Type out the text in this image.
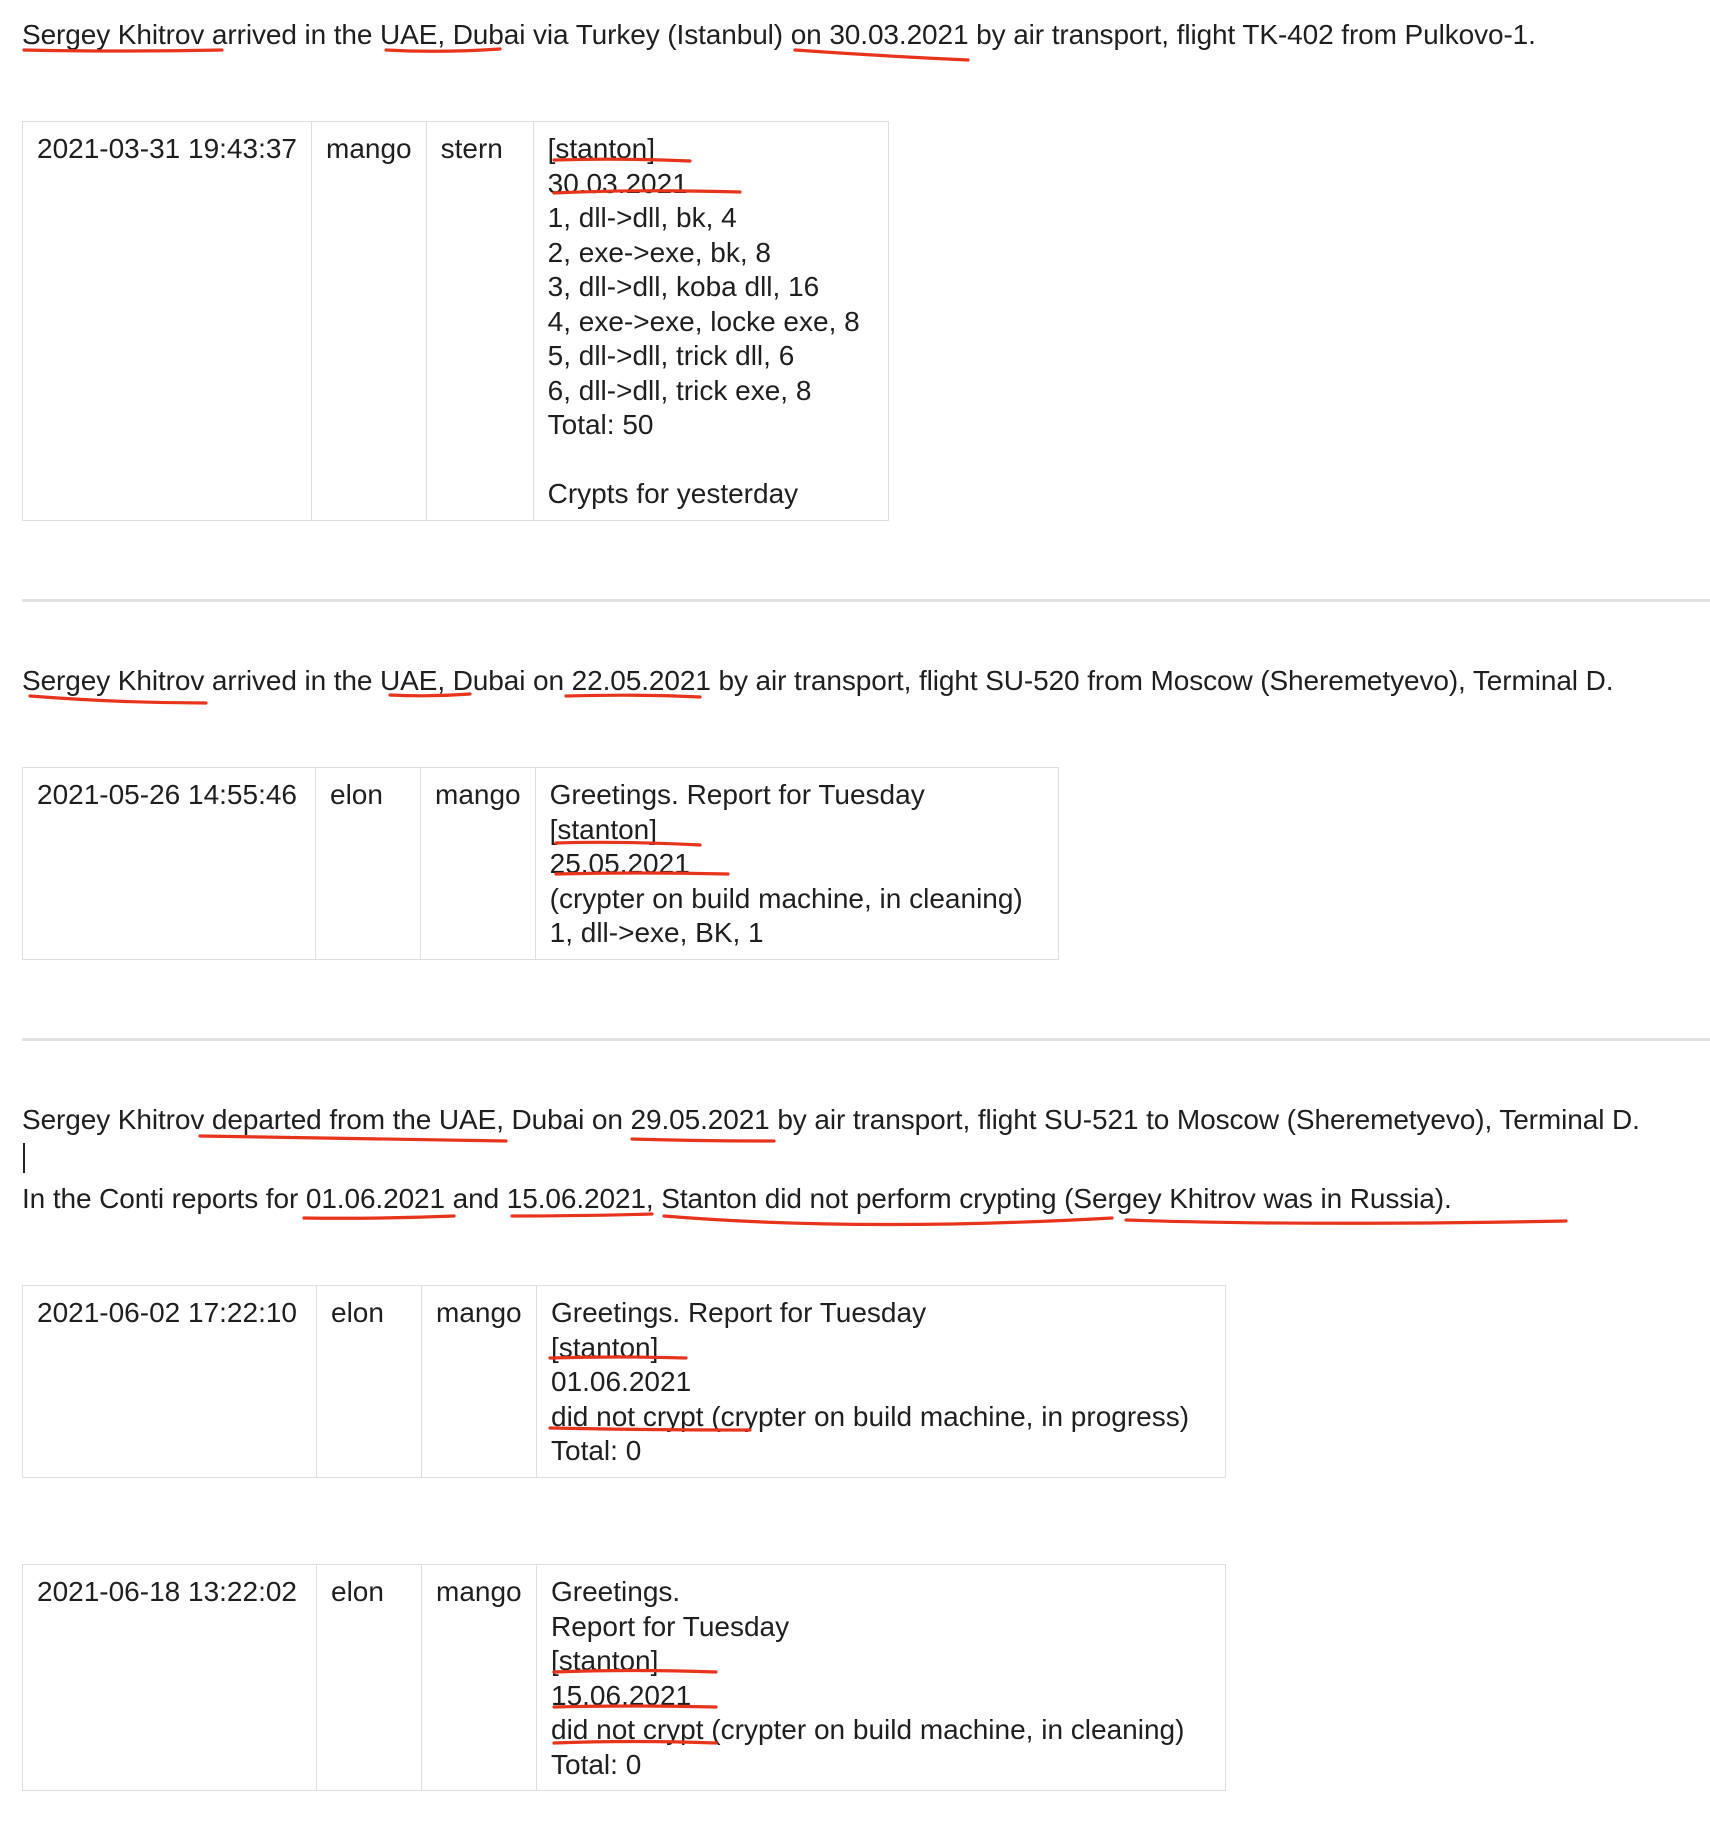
Sergey Khitrov arrived in the UAE, Dubai via Turkey (Istanbul) on 30.03.2021 by air transport, flight TK-402 from Pulkovo-1.
2021-03-31 19:43:37	mango	stern	[stanton]
30.03.2021
1, dll->dll, bk, 4
2, exe->exe, bk, 8
3, dll->dll, koba dll, 16
4, exe->exe, locke exe, 8
5, dll->dll, trick dll, 6
6, dll->dll, trick exe, 8
Total: 50
Crypts for yesterday
Sergey Khitrov arrived in the UAE, Dubai on 22.05.2021 by air transport, flight SU-520 from Moscow (Sheremetyevo), Terminal D.
2021-05-26 14:55:46	elon	mango	Greetings. Report for Tuesday
[stanton]
25.05.2021
(crypter on build machine, in cleaning)
1, dll->exe, BK, 1
Sergey Khitrov departed from the UAE, Dubai on 29.05.2021 by air transport, flight SU-521 to Moscow (Sheremetyevo), Terminal D.
In the Conti reports for 01.06.2021 and 15.06.2021, Stanton did not perform crypting (Sergey Khitrov was in Russia).
2021-06-02 17:22:10	elon	mango	Greetings. Report for Tuesday
[stanton]
01.06.2021
did not crypt (crypter on build machine, in progress)
Total: 0
2021-06-18 13:22:02	elon	mango	Greetings.
Report for Tuesday
[stanton]
15.06.2021
did not crypt (crypter on build machine, in cleaning)
Total: 0
